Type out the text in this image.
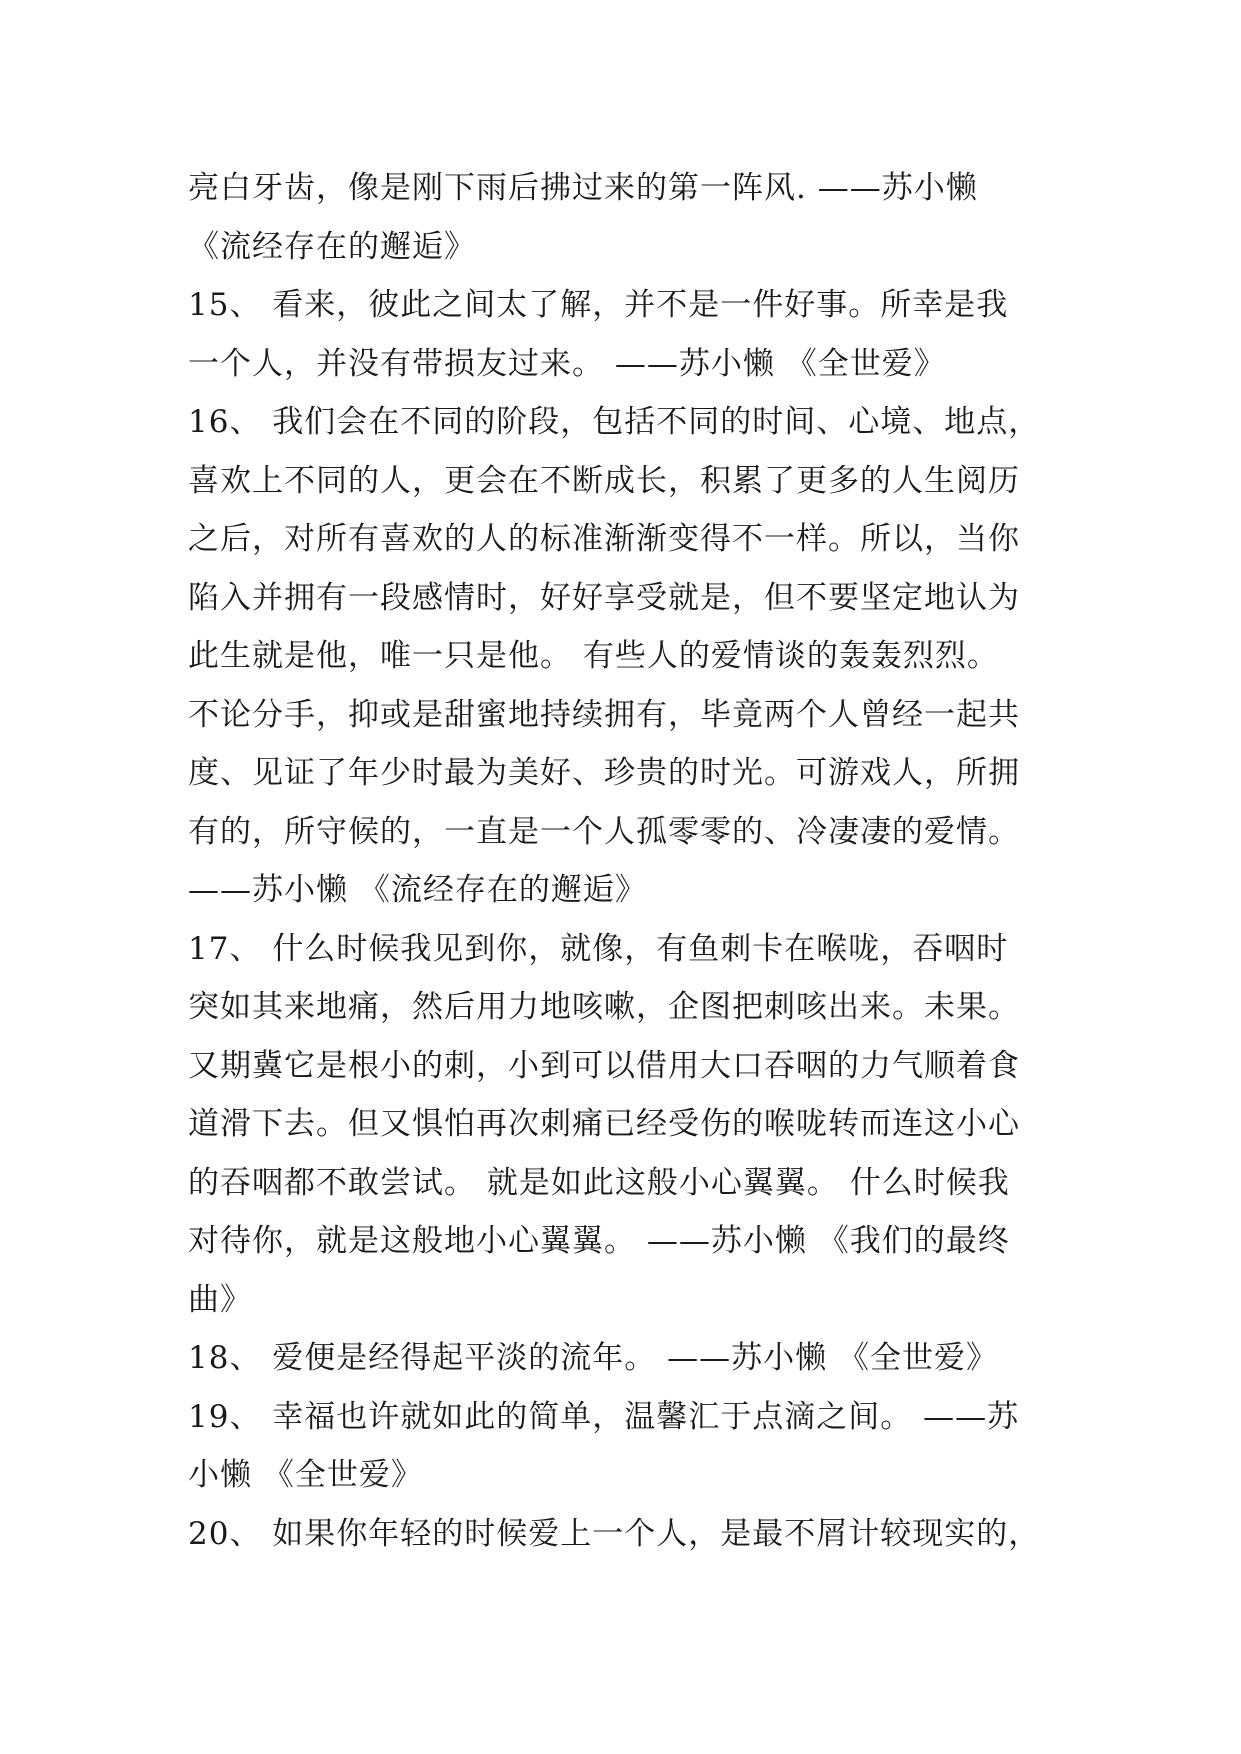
亮白牙齿，像是刚下雨后拂过来的第一阵风. ——苏小懒
《流经存在的邂逅》
15、 看来，彼此之间太了解，并不是一件好事。所幸是我
一个人，并没有带损友过来。 ——苏小懒 《全世爱》
16、 我们会在不同的阶段，包括不同的时间、心境、地点，
喜欢上不同的人，更会在不断成长，积累了更多的人生阅历
之后，对所有喜欢的人的标准渐渐变得不一样。所以，当你
陷入并拥有一段感情时，好好享受就是，但不要坚定地认为
此生就是他，唯一只是他。 有些人的爱情谈的轰轰烈烈。
不论分手，抑或是甜蜜地持续拥有，毕竟两个人曾经一起共
度、见证了年少时最为美好、珍贵的时光。可游戏人，所拥
有的，所守候的，一直是一个人孤零零的、冷凄凄的爱情。
——苏小懒 《流经存在的邂逅》
17、 什么时候我见到你，就像，有鱼刺卡在喉咙，吞咽时
突如其来地痛，然后用力地咳嗽，企图把刺咳出来。未果。
又期冀它是根小的刺，小到可以借用大口吞咽的力气顺着食
道滑下去。但又惧怕再次刺痛已经受伤的喉咙转而连这小心
的吞咽都不敢尝试。 就是如此这般小心翼翼。 什么时候我
对待你，就是这般地小心翼翼。 ——苏小懒 《我们的最终
曲》
18、 爱便是经得起平淡的流年。 ——苏小懒 《全世爱》
19、 幸福也许就如此的简单，温馨汇于点滴之间。 ——苏
小懒 《全世爱》
20、 如果你年轻的时候爱上一个人，是最不屑计较现实的，
